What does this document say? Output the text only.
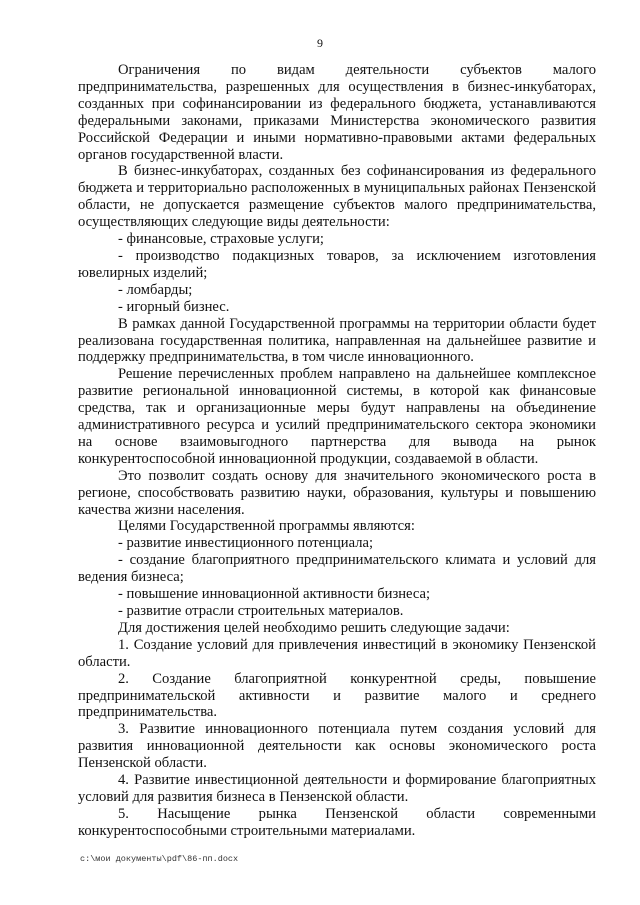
9

Ограничения по видам деятельности субъектов малого предпринимательства, разрешенных для осуществления в бизнес-инкубаторах, созданных при софинансировании из федерального бюджета, устанавливаются федеральными законами, приказами Министерства экономического развития Российской Федерации и иными нормативно-правовыми актами федеральных органов государственной власти.

В бизнес-инкубаторах, созданных без софинансирования из федерального бюджета и территориально расположенных в муниципальных районах Пензенской области, не допускается размещение субъектов малого предпринимательства, осуществляющих следующие виды деятельности:

- финансовые, страховые услуги;

- производство подакцизных товаров, за исключением изготовления ювелирных изделий;

- ломбарды;

- игорный бизнес.

В рамках данной Государственной программы на территории области будет реализована государственная политика, направленная на дальнейшее развитие и поддержку предпринимательства, в том числе инновационного.

Решение перечисленных проблем направлено на дальнейшее комплексное развитие региональной инновационной системы, в которой как финансовые средства, так и организационные меры будут направлены на объединение административного ресурса и усилий предпринимательского сектора экономики на основе взаимовыгодного партнерства для вывода на рынок конкурентоспособной инновационной продукции, создаваемой в области.

Это позволит создать основу для значительного экономического роста в регионе, способствовать развитию науки, образования, культуры и повышению качества жизни населения.

Целями Государственной программы являются:

- развитие инвестиционного потенциала;

- создание благоприятного предпринимательского климата и условий для ведения бизнеса;

- повышение инновационной активности бизнеса;

- развитие отрасли строительных материалов.

Для достижения целей необходимо решить следующие задачи:

1. Создание условий для привлечения инвестиций в экономику Пензенской области.

2. Создание благоприятной конкурентной среды, повышение предпринимательской активности и развитие малого и среднего предпринимательства.

3. Развитие инновационного потенциала путем создания условий для развития инновационной деятельности как основы экономического роста Пензенской области.

4. Развитие инвестиционной деятельности и формирование благоприятных условий для развития бизнеса в Пензенской области.

5. Насыщение рынка Пензенской области современными конкурентоспособными строительными материалами.

c:\мои документы\pdf\86-пп.docx
